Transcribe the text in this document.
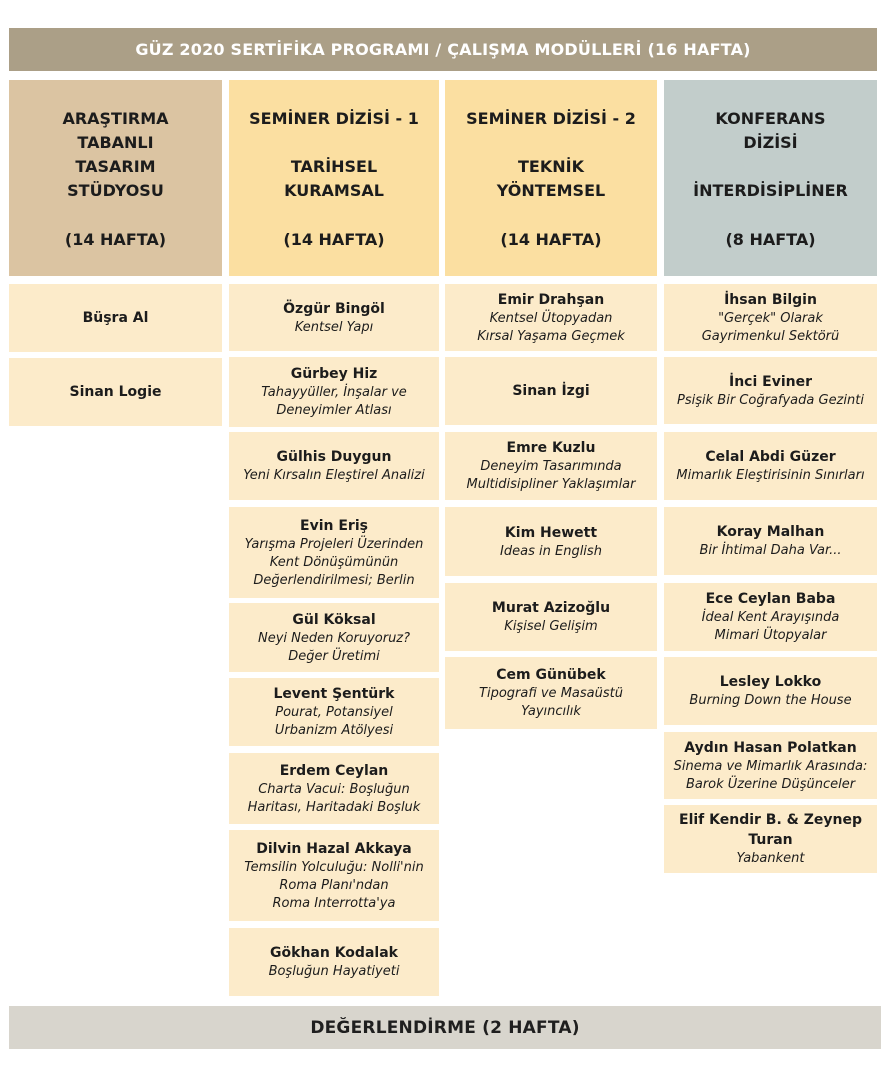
GÜZ 2020 SERTİFİKA PROGRAMI / ÇALIŞMA MODÜLLERİ (16 HAFTA)
ARAŞTIRMA
TABANLI
TASARIM
STÜDYOSU
(14 HAFTA)
Büşra Al
Sinan Logie
SEMİNER DİZİSİ - 1

TARİHSEL
KURAMSAL
(14 HAFTA)
Özgür Bingöl
Kentsel Yapı
Gürbey Hiz
Tahayyüller, İnşalar ve
Deneyimler Atlası
Gülhis Duygun
Yeni Kırsalın Eleştirel Analizi
Evin Eriş
Yarışma Projeleri Üzerinden
Kent Dönüşümünün
Değerlendirilmesi; Berlin
Gül Köksal
Neyi Neden Koruyoruz?
Değer Üretimi
Levent Şentürk
Pourat, Potansiyel
Urbanizm Atölyesi
Erdem Ceylan
Charta Vacui: Boşluğun
Haritası, Haritadaki Boşluk
Dilvin Hazal Akkaya
Temsilin Yolculuğu: Nolli'nin
Roma Planı'ndan
Roma Interrotta'ya
Gökhan Kodalak
Boşluğun Hayatiyeti
SEMİNER DİZİSİ - 2

TEKNİK
YÖNTEMSEL
(14 HAFTA)
Emir Drahşan
Kentsel Ütopyadan
Kırsal Yaşama Geçmek
Sinan İzgi
Emre Kuzlu
Deneyim Tasarımında
Multidisipliner Yaklaşımlar
Kim Hewett
Ideas in English
Murat Azizoğlu
Kişisel Gelişim
Cem Günübek
Tipografi ve Masaüstü Yayıncılık
KONFERANS
DİZİSİ

İNTERDİSİPLİNER
(8 HAFTA)
İhsan Bilgin
"Gerçek" Olarak
Gayrimenkul Sektörü
İnci Eviner
Psişik Bir Coğrafyada Gezinti
Celal Abdi Güzer
Mimarlık Eleştirisinin Sınırları
Koray Malhan
Bir İhtimal Daha Var...
Ece Ceylan Baba
İdeal Kent Arayışında
Mimari Ütopyalar
Lesley Lokko
Burning Down the House
Aydın Hasan Polatkan
Sinema ve Mimarlık Arasında:
Barok Üzerine Düşünceler
Elif Kendir B. & Zeynep Turan
Yabankent
DEĞERLENDİRME (2 HAFTA)
